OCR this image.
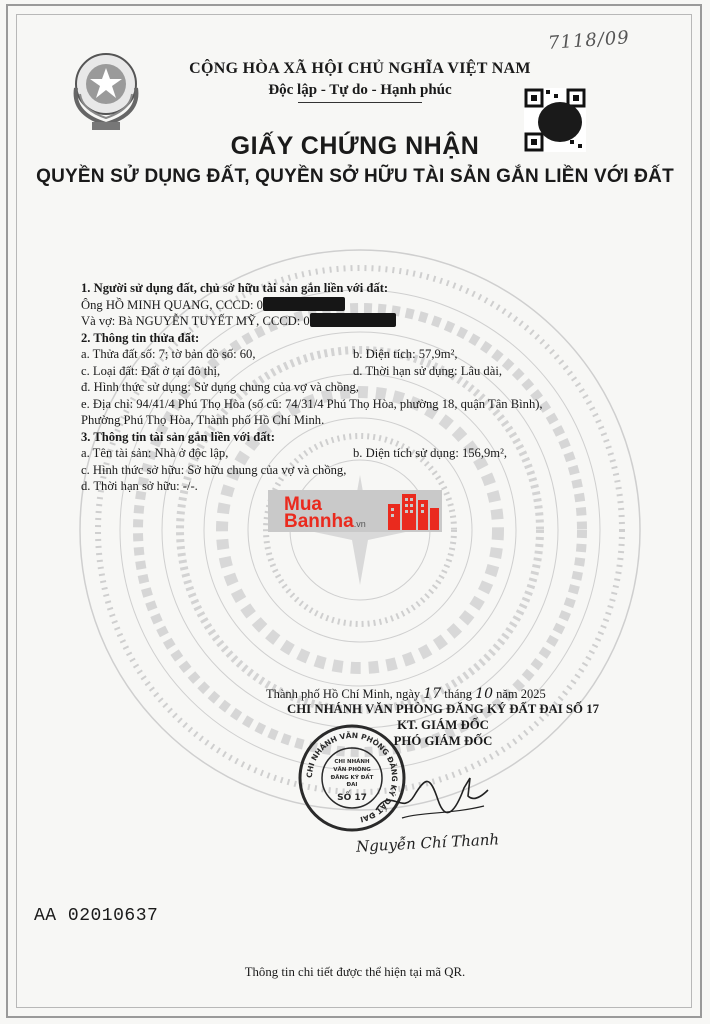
7118/09
CỘNG HÒA XÃ HỘI CHỦ NGHĨA VIỆT NAM
Độc lập - Tự do - Hạnh phúc
GIẤY CHỨNG NHẬN
QUYỀN SỬ DỤNG ĐẤT, QUYỀN SỞ HỮU TÀI SẢN GẮN LIỀN VỚI ĐẤT
1. Người sử dụng đất, chủ sở hữu tài sản gắn liền với đất:
Ông HỒ MINH QUANG, CCCD: 0
Và vợ: Bà NGUYỄN TUYẾT MỸ, CCCD: 0
2. Thông tin thửa đất:
a. Thửa đất số: 7; tờ bản đồ số: 60,	b. Diện tích: 57,9m²,
c. Loại đất: Đất ở tại đô thị,	d. Thời hạn sử dụng: Lâu dài,
đ. Hình thức sử dụng: Sử dụng chung của vợ và chồng,
e. Địa chỉ: 94/41/4 Phú Thọ Hòa (số cũ: 74/31/4 Phú Thọ Hòa, phường 18, quận Tân Bình),
Phường Phú Thọ Hòa, Thành phố Hồ Chí Minh.
3. Thông tin tài sản gắn liền với đất:
a. Tên tài sản: Nhà ở độc lập,	b. Diện tích sử dụng: 156,9m²,
c. Hình thức sở hữu: Sở hữu chung của vợ và chồng,
d. Thời hạn sở hữu: -/-.
Mua
Bannha.vn
Thành phố Hồ Chí Minh, ngày 17 tháng 10 năm 2025
CHI NHÁNH VĂN PHÒNG ĐĂNG KÝ ĐẤT ĐAI SỐ 17
KT. GIÁM ĐỐC
PHÓ GIÁM ĐỐC
CHI NHÁNH VĂN PHÒNG ĐĂNG KÝ ĐẤT ĐAI
CHI NHÁNH
VĂN PHÒNG
ĐĂNG KÝ ĐẤT
ĐAI
SỐ 17
Nguyễn Chí Thanh
AA 02010637
Thông tin chi tiết được thể hiện tại mã QR.
